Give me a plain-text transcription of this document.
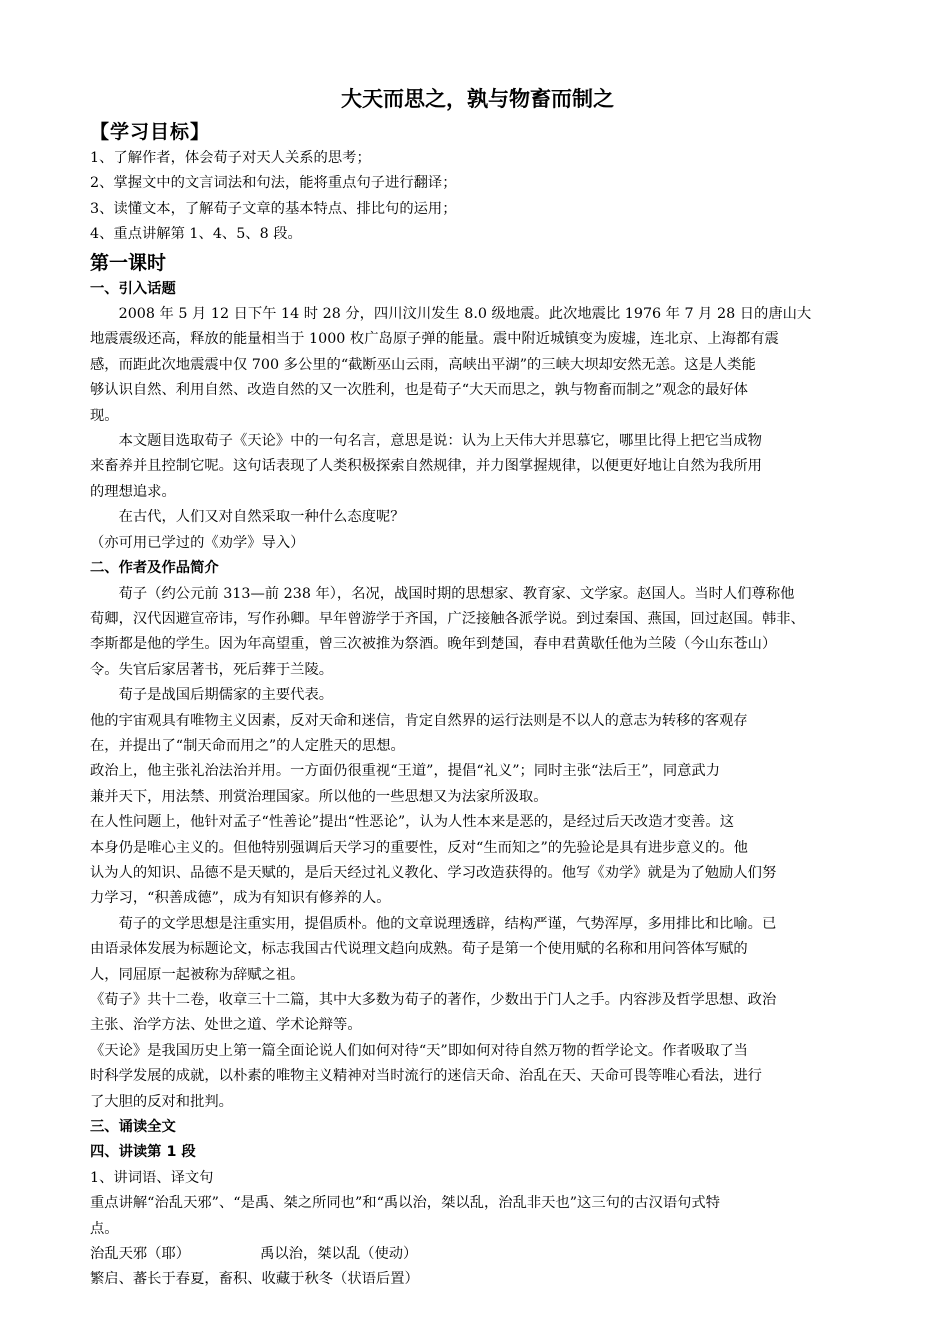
大天而思之，孰与物畜而制之

【学习目标】

1、了解作者，体会荀子对天人关系的思考；

2、掌握文中的文言词法和句法，能将重点句子进行翻译；

3、读懂文本，了解荀子文章的基本特点、排比句的运用；

4、重点讲解第 1、4、5、8 段。

第一课时

一、引入话题

2008 年 5 月 12 日下午 14 时 28 分，四川汶川发生 8.0 级地震。此次地震比 1976 年 7 月 28 日的唐山大

地震震级还高，释放的能量相当于 1000 枚广岛原子弹的能量。震中附近城镇变为废墟，连北京、上海都有震

感，而距此次地震震中仅 700 多公里的“截断巫山云雨，高峡出平湖”的三峡大坝却安然无恙。这是人类能

够认识自然、利用自然、改造自然的又一次胜利，也是荀子“大天而思之，孰与物畜而制之”观念的最好体

现。

本文题目选取荀子《天论》中的一句名言，意思是说：认为上天伟大并思慕它，哪里比得上把它当成物

来畜养并且控制它呢。这句话表现了人类积极探索自然规律，并力图掌握规律，以便更好地让自然为我所用

的理想追求。

在古代，人们又对自然采取一种什么态度呢？

（亦可用已学过的《劝学》导入）

二、作者及作品简介

荀子（约公元前 313—前 238 年），名况，战国时期的思想家、教育家、文学家。赵国人。当时人们尊称他

荀卿，汉代因避宣帝讳，写作孙卿。早年曾游学于齐国，广泛接触各派学说。到过秦国、燕国，回过赵国。韩非、

李斯都是他的学生。因为年高望重，曾三次被推为祭酒。晚年到楚国，春申君黄歇任他为兰陵（今山东苍山）

令。失官后家居著书，死后葬于兰陵。

荀子是战国后期儒家的主要代表。

他的宇宙观具有唯物主义因素，反对天命和迷信，肯定自然界的运行法则是不以人的意志为转移的客观存

在，并提出了“制天命而用之”的人定胜天的思想。

政治上，他主张礼治法治并用。一方面仍很重视“王道”，提倡“礼义”；同时主张“法后王”，同意武力

兼并天下，用法禁、刑赏治理国家。所以他的一些思想又为法家所汲取。

在人性问题上，他针对孟子“性善论”提出“性恶论”，认为人性本来是恶的，是经过后天改造才变善。这

本身仍是唯心主义的。但他特别强调后天学习的重要性，反对“生而知之”的先验论是具有进步意义的。他

认为人的知识、品德不是天赋的，是后天经过礼义教化、学习改造获得的。他写《劝学》就是为了勉励人们努

力学习，“积善成德”，成为有知识有修养的人。

荀子的文学思想是注重实用，提倡质朴。他的文章说理透辟，结构严谨，气势浑厚，多用排比和比喻。已

由语录体发展为标题论文，标志我国古代说理文趋向成熟。荀子是第一个使用赋的名称和用问答体写赋的

人，同屈原一起被称为辞赋之祖。

《荀子》共十二卷，收章三十二篇，其中大多数为荀子的著作，少数出于门人之手。内容涉及哲学思想、政治

主张、治学方法、处世之道、学术论辩等。

《天论》是我国历史上第一篇全面论说人们如何对待“天”即如何对待自然万物的哲学论文。作者吸取了当

时科学发展的成就，以朴素的唯物主义精神对当时流行的迷信天命、治乱在天、天命可畏等唯心看法，进行

了大胆的反对和批判。

三、诵读全文

四、讲读第 1 段

1、讲词语、译文句

重点讲解“治乱天邪”、“是禹、桀之所同也”和“禹以治，桀以乱，治乱非天也”这三句的古汉语句式特

点。

治乱天邪（耶）	禹以治，桀以乱（使动）

繁启、蕃长于春夏，畜积、收藏于秋冬（状语后置）
